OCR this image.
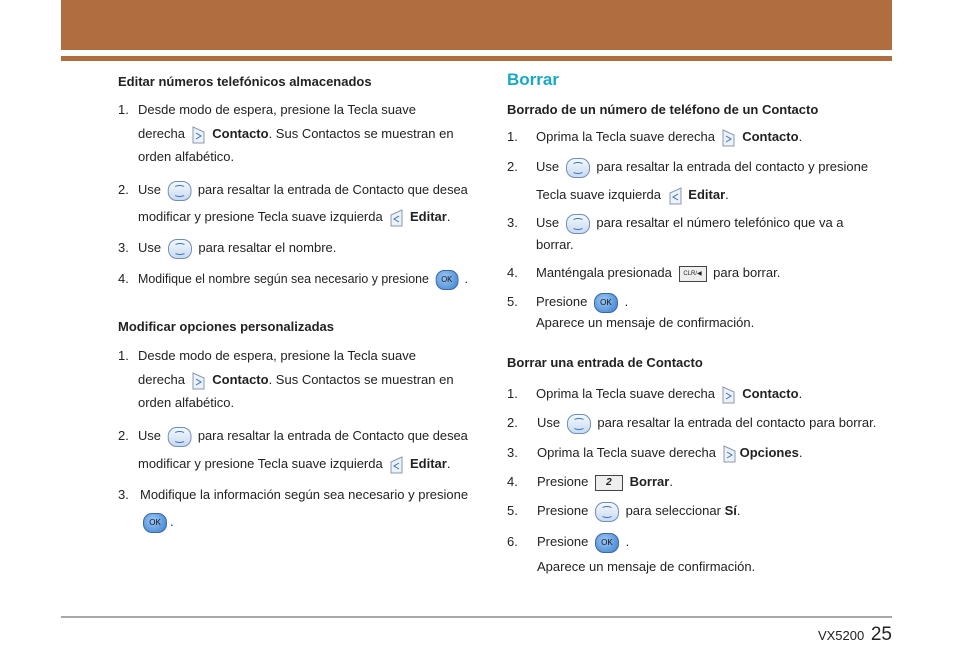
Editar números telefónicos almacenados
1. Desde modo de espera, presione la Tecla suave
derecha Contacto. Sus Contactos se muestran en
orden alfabético.
2. Use	para resaltar la entrada de Contacto que desea
modificar y presione Tecla suave izquierda Editar.
3. Use	para resaltar el nombre.
4. Modifique el nombre según sea necesario y presione OK .
Modificar opciones personalizadas
1. Desde modo de espera, presione la Tecla suave
derecha Contacto. Sus Contactos se muestran en
orden alfabético.
2. Use	para resaltar la entrada de Contacto que desea
modificar y presione Tecla suave izquierda Editar.
3. Modifique la información según sea necesario y presione
OK .
Borrar
Borrado de un número de teléfono de un Contacto
1. Oprima la Tecla suave derecha Contacto.
2. Use	para resaltar la entrada del contacto y presione
Tecla suave izquierda Editar.
3. Use	para resaltar el número telefónico que va a
borrar.
4. Manténgala presionada CLR/◀ para borrar.
5. Presione OK .
Aparece un mensaje de confirmación.
Borrar una entrada de Contacto
1. Oprima la Tecla suave derecha Contacto.
2. Use	para resaltar la entrada del contacto para borrar.
3. Oprima la Tecla suave derecha Opciones.
4. Presione 2 Borrar.
5. Presione	para seleccionar Sí.
6. Presione OK .
Aparece un mensaje de confirmación.
VX5200 25
